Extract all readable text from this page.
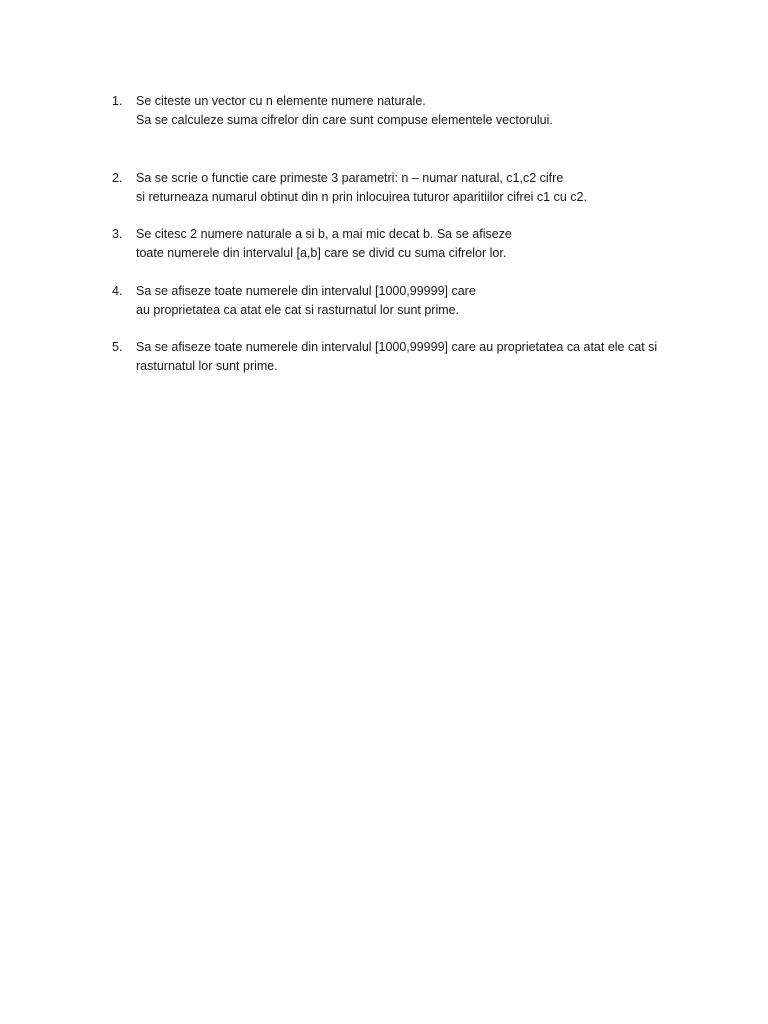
1.	Se citeste un vector cu n elemente numere naturale.
Sa se calculeze suma cifrelor din care sunt compuse elementele vectorului.
2.	Sa se scrie o functie care primeste 3 parametri: n – numar natural, c1,c2 cifre
si returneaza numarul obtinut din n prin inlocuirea tuturor aparitiilor cifrei c1 cu c2.
3.	Se citesc 2 numere naturale a si b, a mai mic decat b. Sa se afiseze
toate numerele din intervalul [a,b] care se divid cu suma cifrelor lor.
4.	Sa se afiseze toate numerele din intervalul [1000,99999] care
au proprietatea ca atat ele cat si rasturnatul lor sunt prime.
5.	Sa se afiseze toate numerele din intervalul [1000,99999] care au proprietatea ca atat ele cat si
rasturnatul lor sunt prime.
